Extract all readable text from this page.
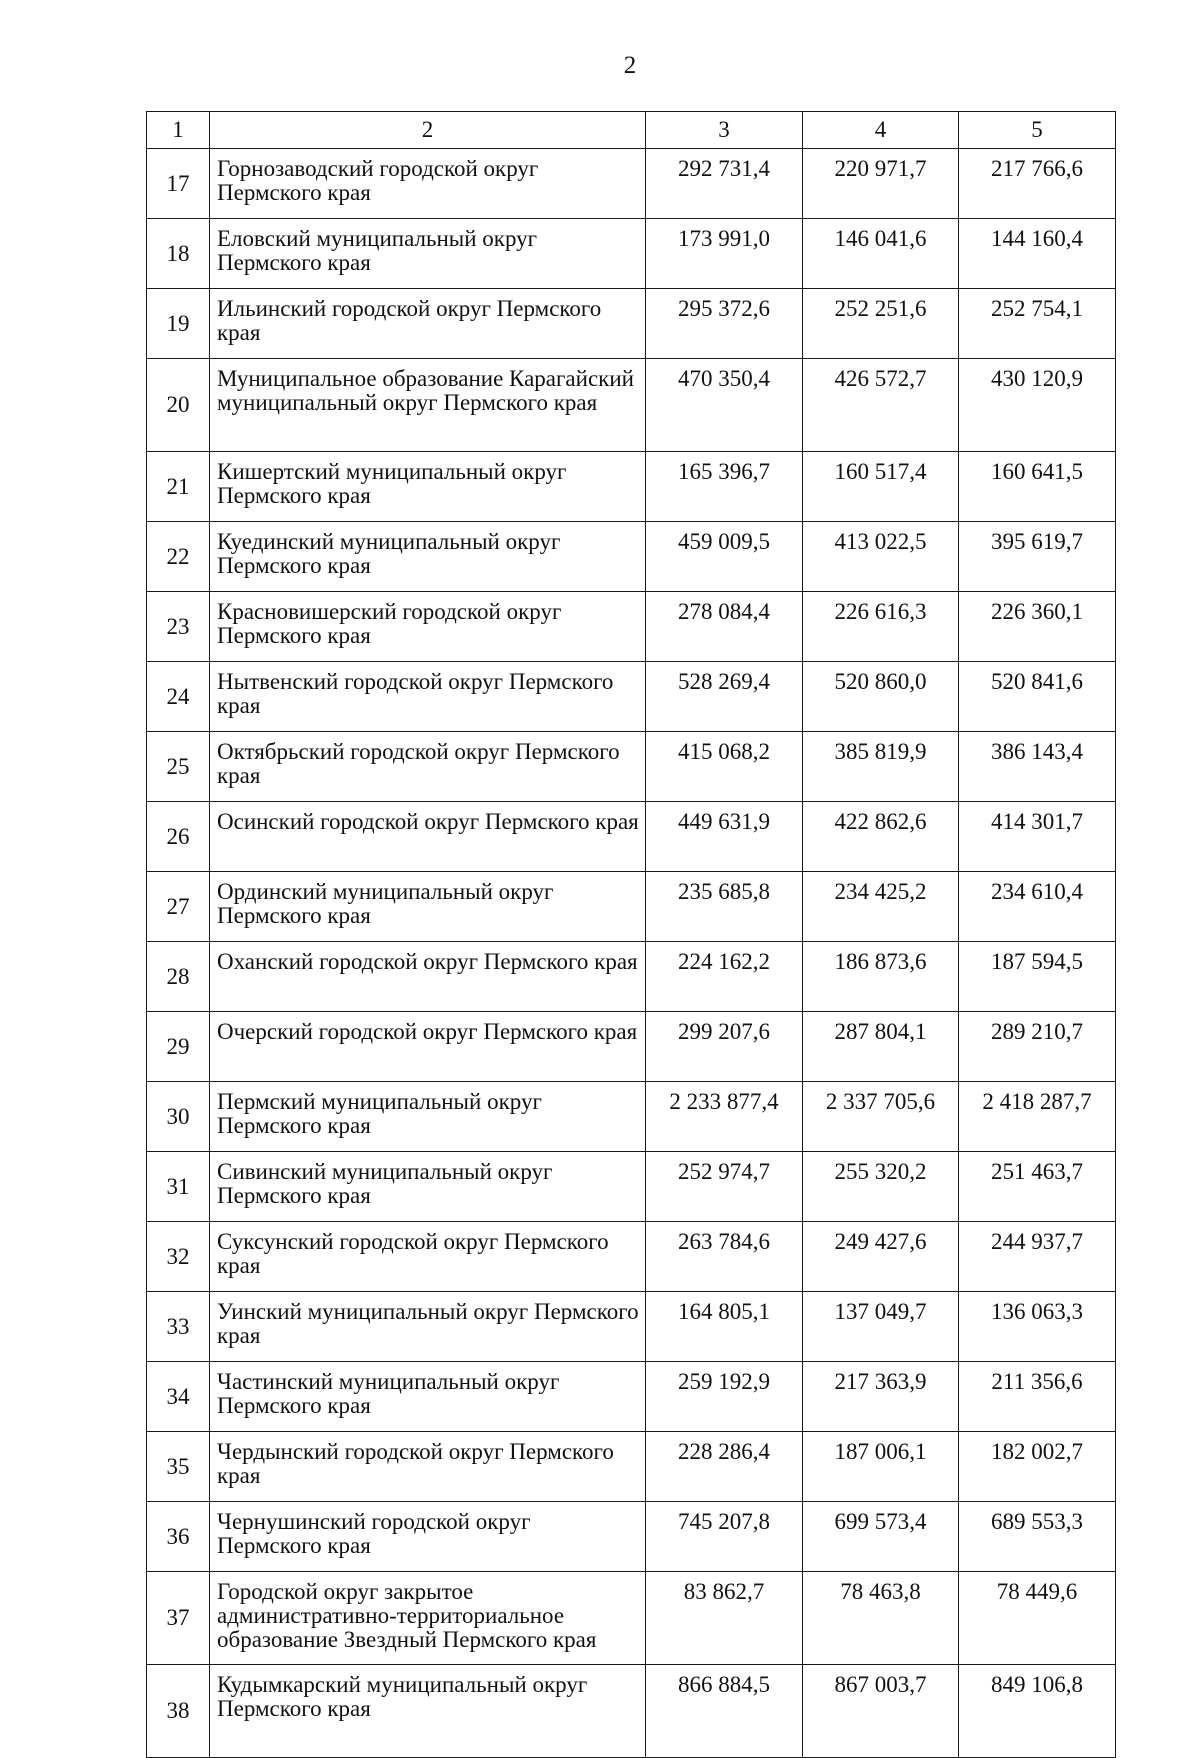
2
1	2	3	4	5
17	Горнозаводский городской округ Пермского края	292 731,4	220 971,7	217 766,6
18	Еловский муниципальный округ Пермского края	173 991,0	146 041,6	144 160,4
19	Ильинский городской округ Пермского края	295 372,6	252 251,6	252 754,1
20	Муниципальное образование Карагайский муниципальный округ Пермского края	470 350,4	426 572,7	430 120,9
21	Кишертский муниципальный округ Пермского края	165 396,7	160 517,4	160 641,5
22	Куединский муниципальный округ Пермского края	459 009,5	413 022,5	395 619,7
23	Красновишерский городской округ Пермского края	278 084,4	226 616,3	226 360,1
24	Нытвенский городской округ Пермского края	528 269,4	520 860,0	520 841,6
25	Октябрьский городской округ Пермского края	415 068,2	385 819,9	386 143,4
26	Осинский городской округ Пермского края	449 631,9	422 862,6	414 301,7
27	Ординский муниципальный округ Пермского края	235 685,8	234 425,2	234 610,4
28	Оханский городской округ Пермского края	224 162,2	186 873,6	187 594,5
29	Очерский городской округ Пермского края	299 207,6	287 804,1	289 210,7
30	Пермский муниципальный округ Пермского края	2 233 877,4	2 337 705,6	2 418 287,7
31	Сивинский муниципальный округ Пермского края	252 974,7	255 320,2	251 463,7
32	Суксунский городской округ Пермского края	263 784,6	249 427,6	244 937,7
33	Уинский муниципальный округ Пермского края	164 805,1	137 049,7	136 063,3
34	Частинский муниципальный округ Пермского края	259 192,9	217 363,9	211 356,6
35	Чердынский городской округ Пермского края	228 286,4	187 006,1	182 002,7
36	Чернушинский городской округ Пермского края	745 207,8	699 573,4	689 553,3
37	Городской округ закрытое административно-территориальное образование Звездный Пермского края	83 862,7	78 463,8	78 449,6
38	Кудымкарский муниципальный округ Пермского края	866 884,5	867 003,7	849 106,8
